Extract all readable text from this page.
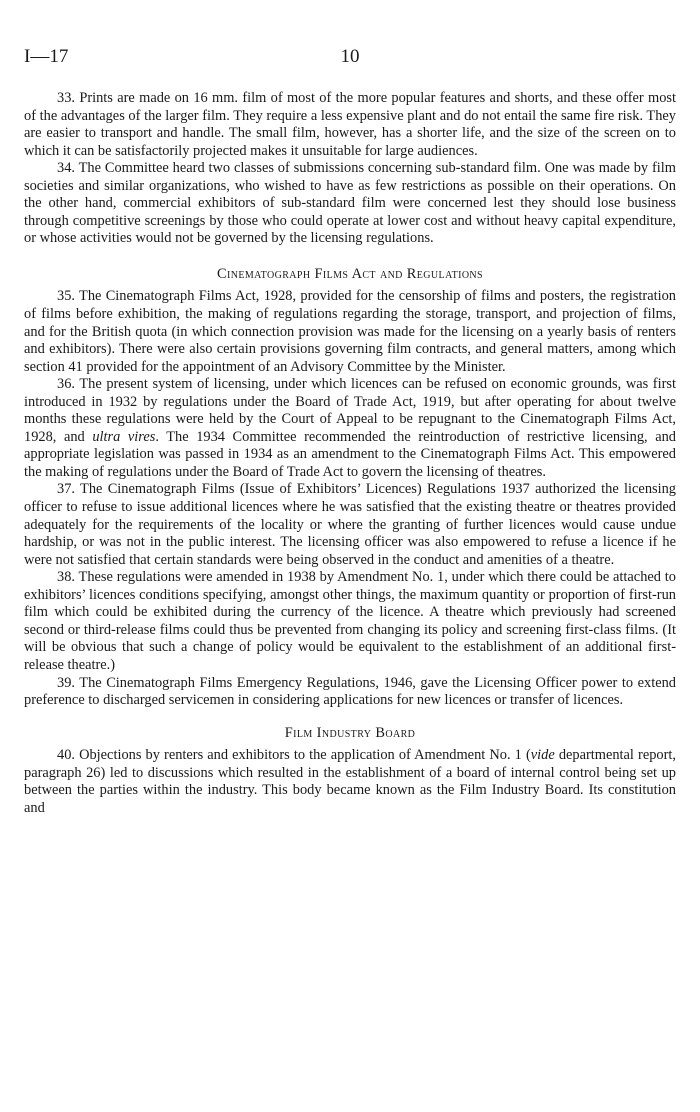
I—17	10

33. Prints are made on 16 mm. film of most of the more popular features and shorts, and these offer most of the advantages of the larger film. They require a less expensive plant and do not entail the same fire risk. They are easier to transport and handle. The small film, however, has a shorter life, and the size of the screen on to which it can be satisfactorily projected makes it unsuitable for large audiences.

34. The Committee heard two classes of submissions concerning sub-standard film. One was made by film societies and similar organizations, who wished to have as few restrictions as possible on their operations. On the other hand, commercial exhibitors of sub-standard film were concerned lest they should lose business through competitive screenings by those who could operate at lower cost and without heavy capital expenditure, or whose activities would not be governed by the licensing regulations.

Cinematograph Films Act and Regulations

35. The Cinematograph Films Act, 1928, provided for the censorship of films and posters, the registration of films before exhibition, the making of regulations regarding the storage, transport, and projection of films, and for the British quota (in which connection provision was made for the licensing on a yearly basis of renters and exhibitors). There were also certain provisions governing film contracts, and general matters, among which section 41 provided for the appointment of an Advisory Committee by the Minister.

36. The present system of licensing, under which licences can be refused on economic grounds, was first introduced in 1932 by regulations under the Board of Trade Act, 1919, but after operating for about twelve months these regulations were held by the Court of Appeal to be repugnant to the Cinematograph Films Act, 1928, and ultra vires. The 1934 Committee recommended the reintroduction of restrictive licensing, and appropriate legislation was passed in 1934 as an amendment to the Cinematograph Films Act. This empowered the making of regulations under the Board of Trade Act to govern the licensing of theatres.

37. The Cinematograph Films (Issue of Exhibitors’ Licences) Regulations 1937 authorized the licensing officer to refuse to issue additional licences where he was satisfied that the existing theatre or theatres provided adequately for the requirements of the locality or where the granting of further licences would cause undue hardship, or was not in the public interest. The licensing officer was also empowered to refuse a licence if he were not satisfied that certain standards were being observed in the conduct and amenities of a theatre.

38. These regulations were amended in 1938 by Amendment No. 1, under which there could be attached to exhibitors’ licences conditions specifying, amongst other things, the maximum quantity or proportion of first-run film which could be exhibited during the currency of the licence. A theatre which previously had screened second or third-release films could thus be prevented from changing its policy and screening first-class films. (It will be obvious that such a change of policy would be equivalent to the establishment of an additional first-release theatre.)

39. The Cinematograph Films Emergency Regulations, 1946, gave the Licensing Officer power to extend preference to discharged servicemen in considering applications for new licences or transfer of licences.

Film Industry Board

40. Objections by renters and exhibitors to the application of Amendment No. 1 (vide departmental report, paragraph 26) led to discussions which resulted in the establishment of a board of internal control being set up between the parties within the industry. This body became known as the Film Industry Board. Its constitution and
